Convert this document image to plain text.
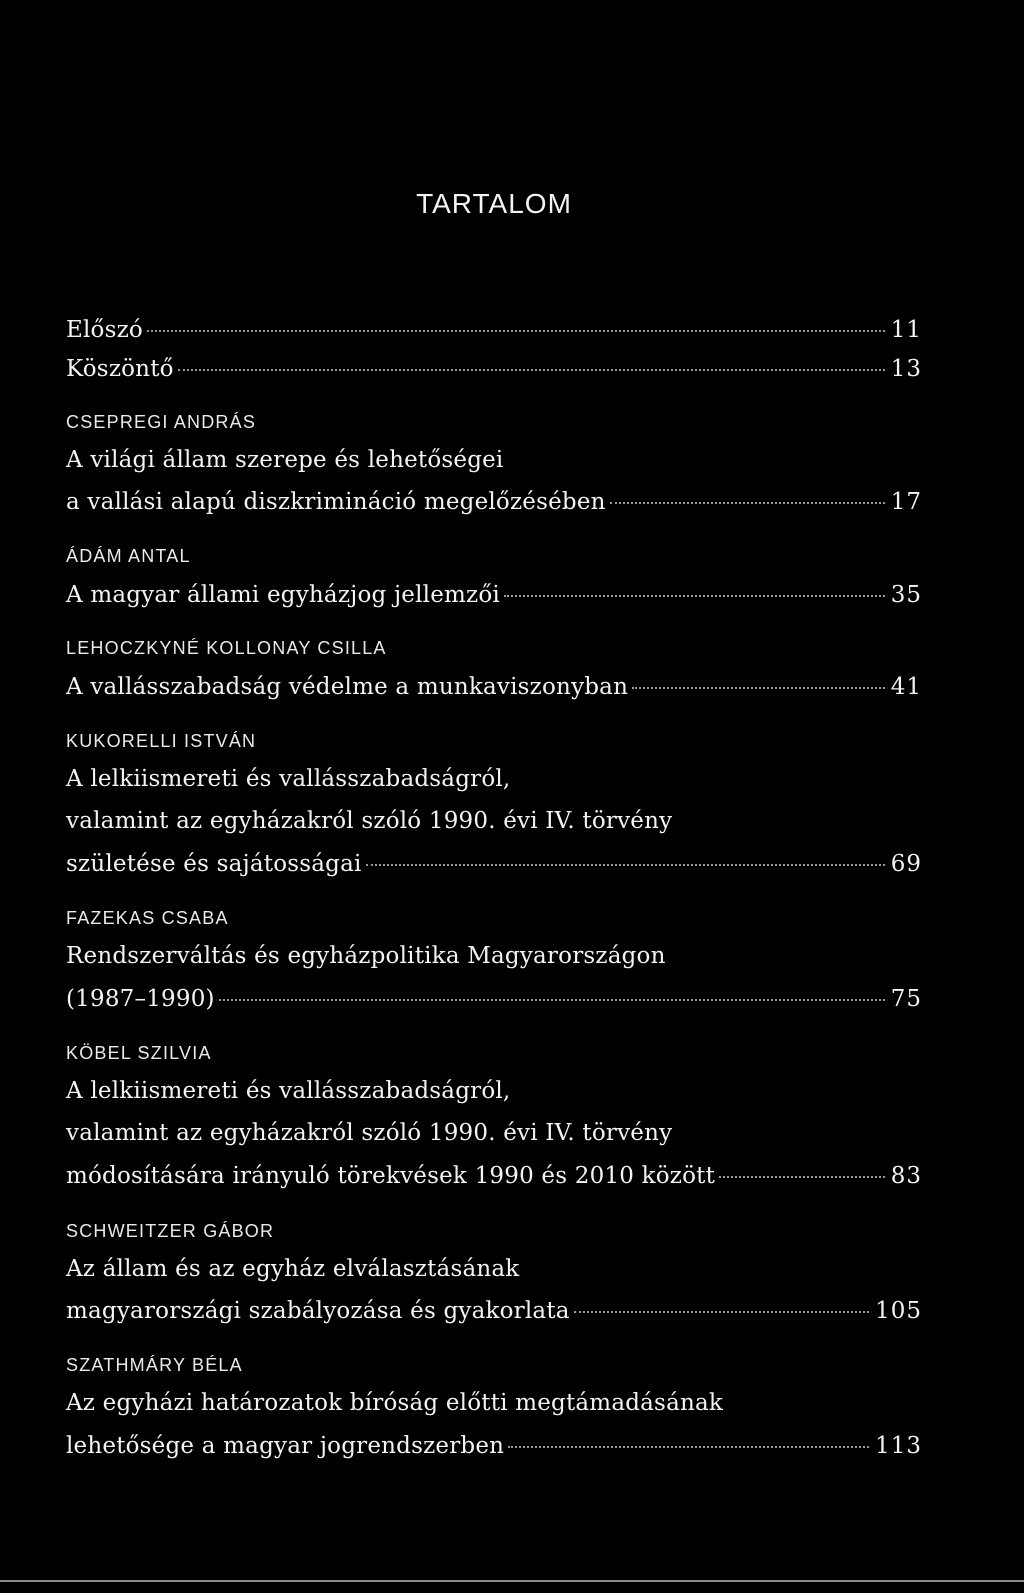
TARTALOM
Előszó	11
Köszöntő	13
CSEPREGI ANDRÁS
A világi állam szerepe és lehetőségei
a vallási alapú diszkrimináció megelőzésében	17
ÁDÁM ANTAL
A magyar állami egyházjog jellemzői	35
LEHOCZKYNÉ KOLLONAY CSILLA
A vallásszabadság védelme a munkaviszonyban	41
KUKORELLI ISTVÁN
A lelkiismereti és vallásszabadságról,
valamint az egyházakról szóló 1990. évi IV. törvény
születése és sajátosságai	69
FAZEKAS CSABA
Rendszerváltás és egyházpolitika Magyarországon
(1987–1990)	75
KÖBEL SZILVIA
A lelkiismereti és vallásszabadságról,
valamint az egyházakról szóló 1990. évi IV. törvény
módosítására irányuló törekvések 1990 és 2010 között	83
SCHWEITZER GÁBOR
Az állam és az egyház elválasztásának
magyarországi szabályozása és gyakorlata	105
SZATHMÁRY BÉLA
Az egyházi határozatok bíróság előtti megtámadásának
lehetősége a magyar jogrendszerben	113
